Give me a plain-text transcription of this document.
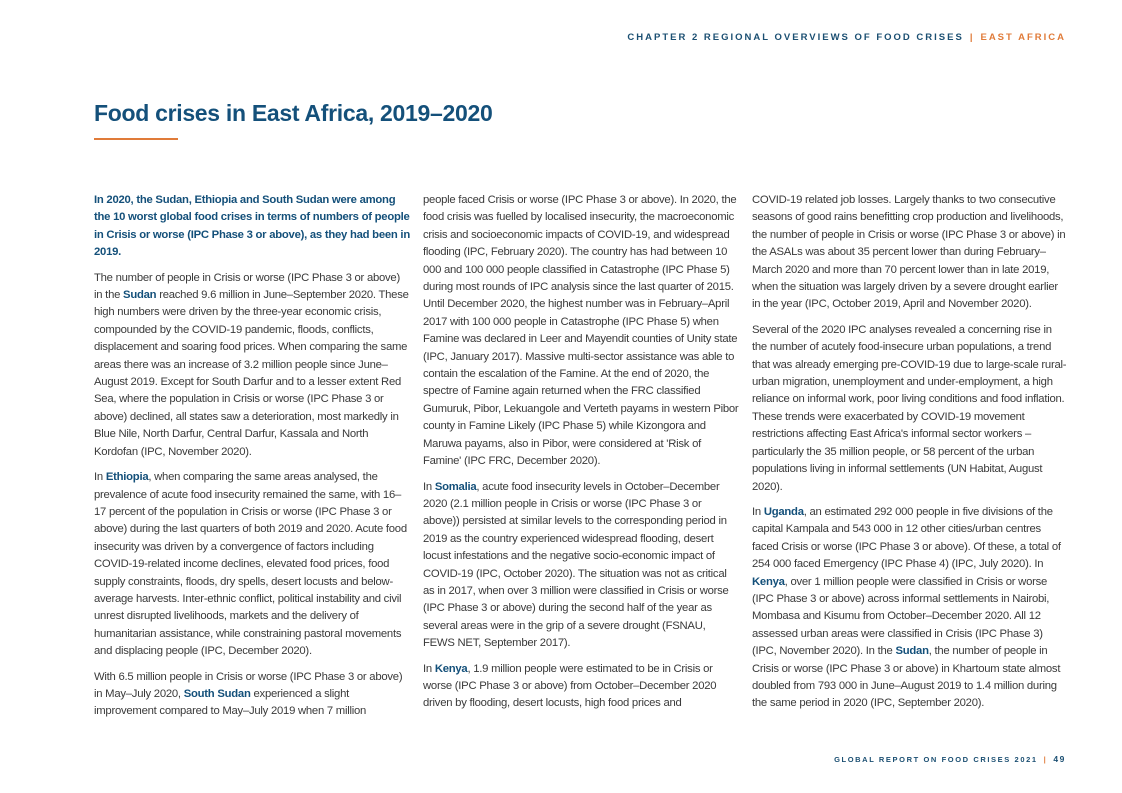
CHAPTER 2 REGIONAL OVERVIEWS OF FOOD CRISES | EAST AFRICA
Food crises in East Africa, 2019–2020

In 2020, the Sudan, Ethiopia and South Sudan were among the 10 worst global food crises in terms of numbers of people in Crisis or worse (IPC Phase 3 or above), as they had been in 2019.

The number of people in Crisis or worse (IPC Phase 3 or above) in the Sudan reached 9.6 million in June–September 2020. These high numbers were driven by the three-year economic crisis, compounded by the COVID-19 pandemic, floods, conflicts, displacement and soaring food prices. When comparing the same areas there was an increase of 3.2 million people since June–August 2019. Except for South Darfur and to a lesser extent Red Sea, where the population in Crisis or worse (IPC Phase 3 or above) declined, all states saw a deterioration, most markedly in Blue Nile, North Darfur, Central Darfur, Kassala and North Kordofan (IPC, November 2020).

In Ethiopia, when comparing the same areas analysed, the prevalence of acute food insecurity remained the same, with 16–17 percent of the population in Crisis or worse (IPC Phase 3 or above) during the last quarters of both 2019 and 2020. Acute food insecurity was driven by a convergence of factors including COVID-19-related income declines, elevated food prices, food supply constraints, floods, dry spells, desert locusts and below-average harvests. Inter-ethnic conflict, political instability and civil unrest disrupted livelihoods, markets and the delivery of humanitarian assistance, while constraining pastoral movements and displacing people (IPC, December 2020).

With 6.5 million people in Crisis or worse (IPC Phase 3 or above) in May–July 2020, South Sudan experienced a slight improvement compared to May–July 2019 when 7 million

people faced Crisis or worse (IPC Phase 3 or above). In 2020, the food crisis was fuelled by localised insecurity, the macroeconomic crisis and socioeconomic impacts of COVID-19, and widespread flooding (IPC, February 2020). The country has had between 10 000 and 100 000 people classified in Catastrophe (IPC Phase 5) during most rounds of IPC analysis since the last quarter of 2015. Until December 2020, the highest number was in February–April 2017 with 100 000 people in Catastrophe (IPC Phase 5) when Famine was declared in Leer and Mayendit counties of Unity state (IPC, January 2017). Massive multi-sector assistance was able to contain the escalation of the Famine. At the end of 2020, the spectre of Famine again returned when the FRC classified Gumuruk, Pibor, Lekuangole and Verteth payams in western Pibor county in Famine Likely (IPC Phase 5) while Kizongora and Maruwa payams, also in Pibor, were considered at 'Risk of Famine' (IPC FRC, December 2020).

In Somalia, acute food insecurity levels in October–December 2020 (2.1 million people in Crisis or worse (IPC Phase 3 or above)) persisted at similar levels to the corresponding period in 2019 as the country experienced widespread flooding, desert locust infestations and the negative socio-economic impact of COVID-19 (IPC, October 2020). The situation was not as critical as in 2017, when over 3 million were classified in Crisis or worse (IPC Phase 3 or above) during the second half of the year as several areas were in the grip of a severe drought (FSNAU, FEWS NET, September 2017).

In Kenya, 1.9 million people were estimated to be in Crisis or worse (IPC Phase 3 or above) from October–December 2020 driven by flooding, desert locusts, high food prices and

COVID-19 related job losses. Largely thanks to two consecutive seasons of good rains benefitting crop production and livelihoods, the number of people in Crisis or worse (IPC Phase 3 or above) in the ASALs was about 35 percent lower than during February–March 2020 and more than 70 percent lower than in late 2019, when the situation was largely driven by a severe drought earlier in the year (IPC, October 2019, April and November 2020).

Several of the 2020 IPC analyses revealed a concerning rise in the number of acutely food-insecure urban populations, a trend that was already emerging pre-COVID-19 due to large-scale rural-urban migration, unemployment and under-employment, a high reliance on informal work, poor living conditions and food inflation. These trends were exacerbated by COVID-19 movement restrictions affecting East Africa's informal sector workers – particularly the 35 million people, or 58 percent of the urban populations living in informal settlements (UN Habitat, August 2020).

In Uganda, an estimated 292 000 people in five divisions of the capital Kampala and 543 000 in 12 other cities/urban centres faced Crisis or worse (IPC Phase 3 or above). Of these, a total of 254 000 faced Emergency (IPC Phase 4) (IPC, July 2020). In Kenya, over 1 million people were classified in Crisis or worse (IPC Phase 3 or above) across informal settlements in Nairobi, Mombasa and Kisumu from October–December 2020. All 12 assessed urban areas were classified in Crisis (IPC Phase 3) (IPC, November 2020). In the Sudan, the number of people in Crisis or worse (IPC Phase 3 or above) in Khartoum state almost doubled from 793 000 in June–August 2019 to 1.4 million during the same period in 2020 (IPC, September 2020).

GLOBAL REPORT ON FOOD CRISES 2021 | 49
